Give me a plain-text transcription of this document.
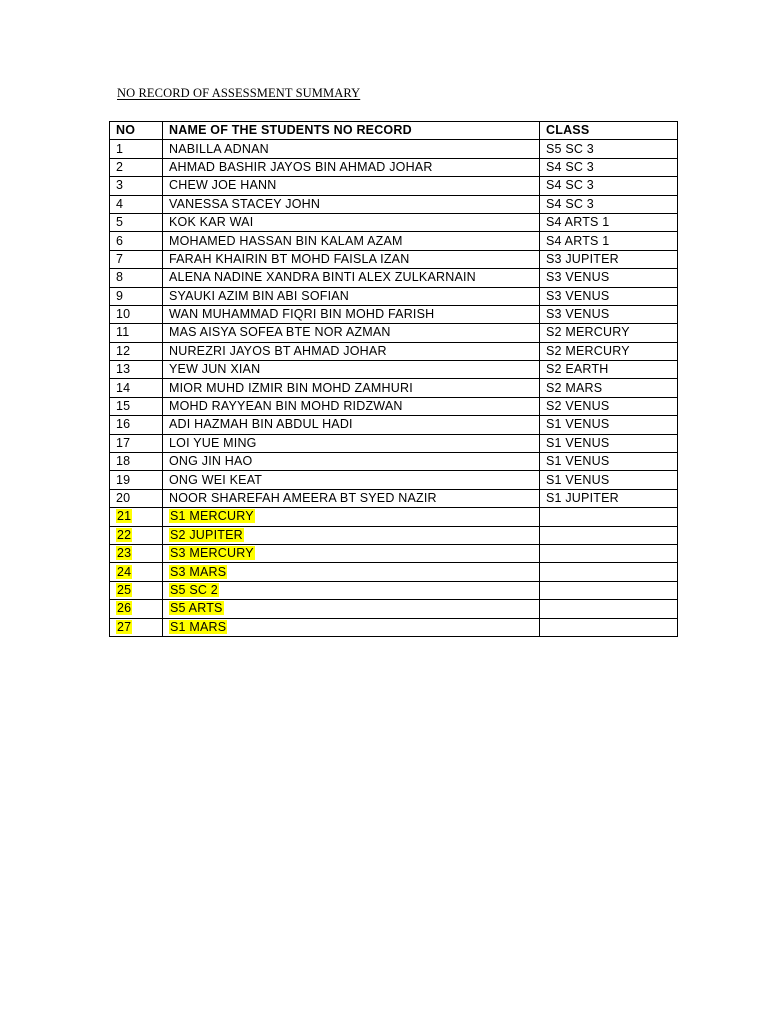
NO RECORD OF ASSESSMENT SUMMARY
NO	NAME OF THE STUDENTS NO RECORD	CLASS
1	NABILLA ADNAN	S5 SC 3
2	AHMAD BASHIR JAYOS BIN AHMAD JOHAR	S4 SC 3
3	CHEW JOE HANN	S4 SC 3
4	VANESSA STACEY JOHN	S4 SC 3
5	KOK KAR WAI	S4 ARTS 1
6	MOHAMED HASSAN BIN KALAM AZAM	S4 ARTS 1
7	FARAH KHAIRIN BT MOHD FAISLA IZAN	S3 JUPITER
8	ALENA NADINE XANDRA BINTI ALEX ZULKARNAIN	S3 VENUS
9	SYAUKI AZIM BIN ABI SOFIAN	S3 VENUS
10	WAN MUHAMMAD FIQRI BIN MOHD FARISH	S3 VENUS
11	MAS AISYA SOFEA BTE NOR AZMAN	S2 MERCURY
12	NUREZRI JAYOS BT AHMAD JOHAR	S2 MERCURY
13	YEW JUN XIAN	S2 EARTH
14	MIOR MUHD IZMIR BIN MOHD ZAMHURI	S2 MARS
15	MOHD RAYYEAN BIN MOHD RIDZWAN	S2 VENUS
16	ADI HAZMAH BIN ABDUL HADI	S1 VENUS
17	LOI YUE MING	S1 VENUS
18	ONG JIN HAO	S1 VENUS
19	ONG WEI KEAT	S1 VENUS
20	NOOR SHAREFAH AMEERA BT SYED NAZIR	S1 JUPITER
21	S1 MERCURY	
22	S2 JUPITER	
23	S3 MERCURY	
24	S3 MARS	
25	S5 SC 2	
26	S5 ARTS	
27	S1 MARS	
